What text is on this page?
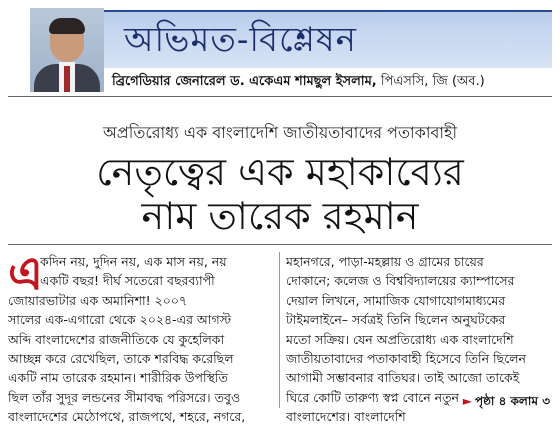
অভিমত-বিশ্লেষন
ব্রিগেডিয়ার জেনারেল ড. একেএম শামছুল ইসলাম, পিএসসি, জি (অব.)
অপ্রতিরোধ্য এক বাংলাদেশি জাতীয়তাবাদের পতাকাবাহী
নেতৃত্বের এক মহাকাব্যের
নাম তারেক রহমান
এ
কদিন নয়, দুদিন নয়, এক মাস নয়, নয়
একটি বছর! দীর্ঘ সতেরো বছরব্যাপী
জোয়ারভাটার এক অমানিশা! ২০০৭
সালের এক-এগারো থেকে ২০২৪-এর আগস্ট
অব্দি বাংলাদেশের রাজনীতিকে যে কুহেলিকা
আচ্ছন্ন করে রেখেছিল, তাকে শরবিদ্ধ করেছিল
একটি নাম তারেক রহমান। শারীরিক উপস্থিতি
ছিল তাঁর সুদূর লন্ডনের সীমাবদ্ধ পরিসরে। তবুও
বাংলাদেশের মেঠোপথে, রাজপথে, শহরে, নগরে,
মহানগরে, পাড়া-মহল্লায় ও গ্রামের চায়ের
দোকানে; কলেজ ও বিশ্ববিদ্যালয়ের ক্যাম্পাসের
দেয়াল লিখনে, সামাজিক যোগাযোগমাধ্যমের
টাইমলাইনে– সর্বত্রই তিনি ছিলেন অনুঘটকের
মতো সক্রিয়। যেন অপ্রতিরোধ্য এক বাংলাদেশি
জাতীয়তাবাদের পতাকাবাহী হিসেবে তিনি ছিলেন
আগামী সম্ভাবনার বাতিঘর। তাই আজো তাকেই
ঘিরে কোটি তারুণ্য স্বপ্ন বোনে নতুন
বাংলাদেশের। বাংলাদেশি
► পৃষ্ঠা ৪ কলাম ৩
